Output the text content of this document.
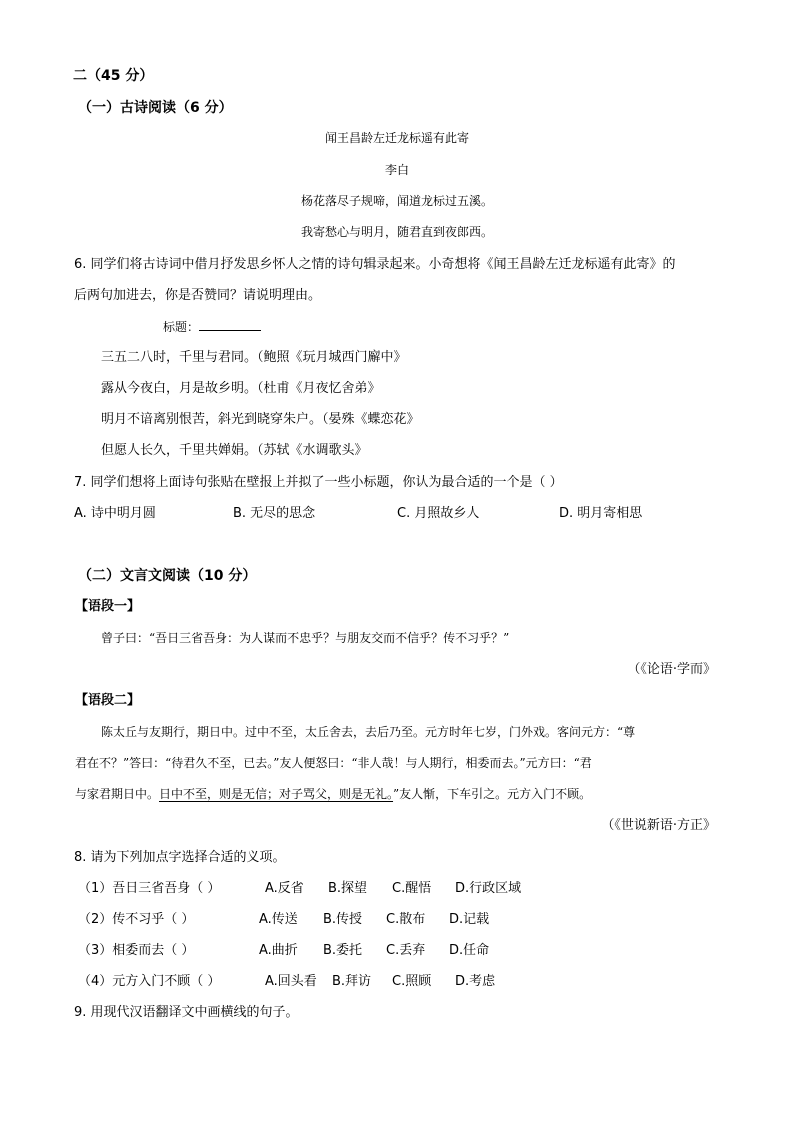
二（45 分）
（一）古诗阅读（6 分）
闻王昌龄左迁龙标遥有此寄
李白
杨花落尽子规啼，闻道龙标过五溪。
我寄愁心与明月，随君直到夜郎西。
6. 同学们将古诗词中借月抒发思乡怀人之情的诗句辑录起来。小奇想将《闻王昌龄左迁龙标遥有此寄》的
后两句加进去，你是否赞同？请说明理由。
标题：
三五二八时，千里与君同。（鲍照《玩月城西门廨中》
露从今夜白，月是故乡明。（杜甫《月夜忆舍弟》
明月不谙离别恨苦，斜光到晓穿朱户。（晏殊《蝶恋花》
但愿人长久，千里共婵娟。（苏轼《水调歌头》
7. 同学们想将上面诗句张贴在壁报上并拟了一些小标题，你认为最合适的一个是（ ）
A. 诗中明月圆	B. 无尽的思念	C. 月照故乡人	D. 明月寄相思
（二）文言文阅读（10 分）
【语段一】
曾子曰：“吾日三省吾身：为人谋而不忠乎？与朋友交而不信乎？传不习乎？”
（《论语·学而》
【语段二】
陈太丘与友期行，期日中。过中不至，太丘舍去，去后乃至。元方时年七岁，门外戏。客问元方：“尊
君在不？”答曰：“待君久不至，已去。”友人便怒曰：“非人哉！与人期行，相委而去。”元方曰：“君
与家君期日中。日中不至，则是无信；对子骂父，则是无礼。”友人惭，下车引之。元方入门不顾。
（《世说新语·方正》
8. 请为下列加点字选择合适的义项。
（1）吾日三省吾身（ ）	A.反省 B.探望 C.醒悟 D.行政区域
（2）传不习乎（ ）	A.传送 B.传授 C.散布 D.记载
（3）相委而去（ ）	A.曲折 B.委托 C.丢弃 D.任命
（4）元方入门不顾（ ）	A.回头看 B.拜访 C.照顾 D.考虑
9. 用现代汉语翻译文中画横线的句子。
